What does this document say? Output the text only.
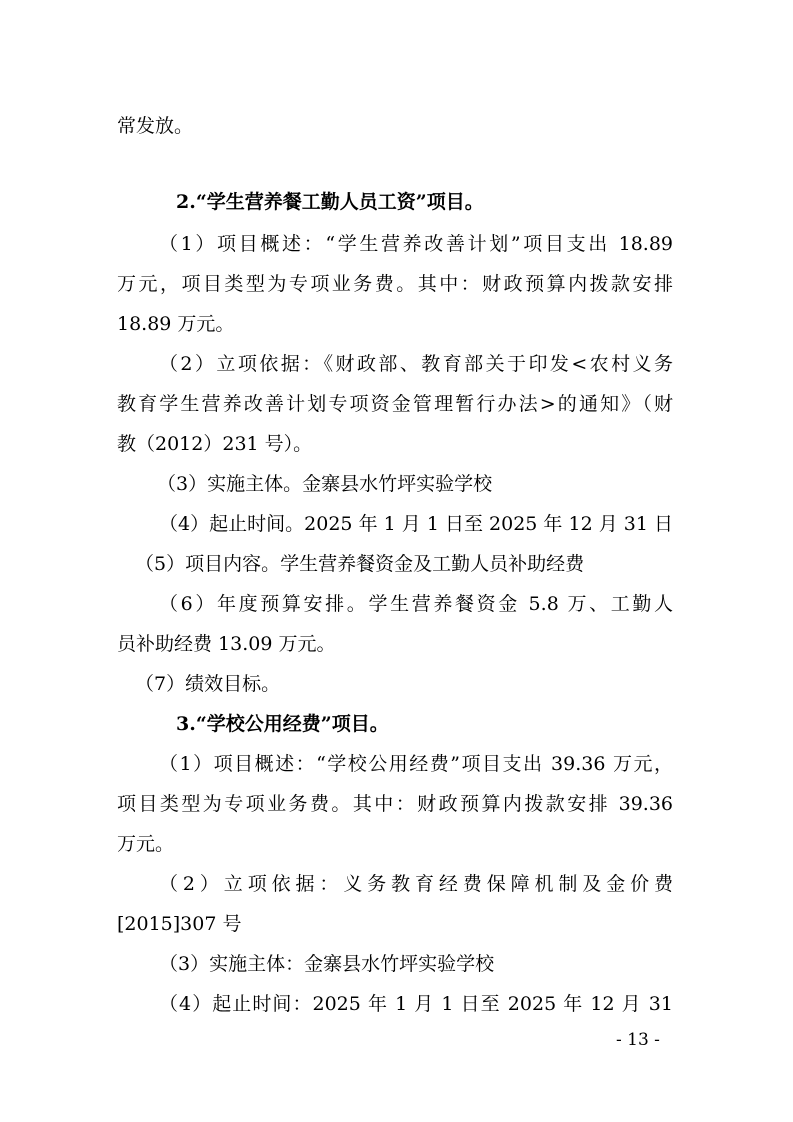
常发放。
2.“学生营养餐工勤人员工资”项目。
（1）项目概述：“学生营养改善计划”项目支出 18.89
万元，项目类型为专项业务费。其中：财政预算内拨款安排
18.89 万元。
（2）立项依据：《财政部、教育部关于印发<农村义务
教育学生营养改善计划专项资金管理暂行办法>的通知》（财
教（2012）231 号）。
（3）实施主体。金寨县水竹坪实验学校
（4）起止时间。2025 年 1 月 1 日至 2025 年 12 月 31 日
（5）项目内容。学生营养餐资金及工勤人员补助经费
（6）年度预算安排。学生营养餐资金 5.8 万、工勤人
员补助经费 13.09 万元。
（7）绩效目标。
3.“学校公用经费”项目。
（1）项目概述：“学校公用经费”项目支出 39.36 万元，
项目类型为专项业务费。其中：财政预算内拨款安排 39.36
万元。
（2）立项依据：义务教育经费保障机制及金价费
[2015]307 号
（3）实施主体：金寨县水竹坪实验学校
（4）起止时间：2025 年 1 月 1 日至 2025 年 12 月 31
- 13 -
